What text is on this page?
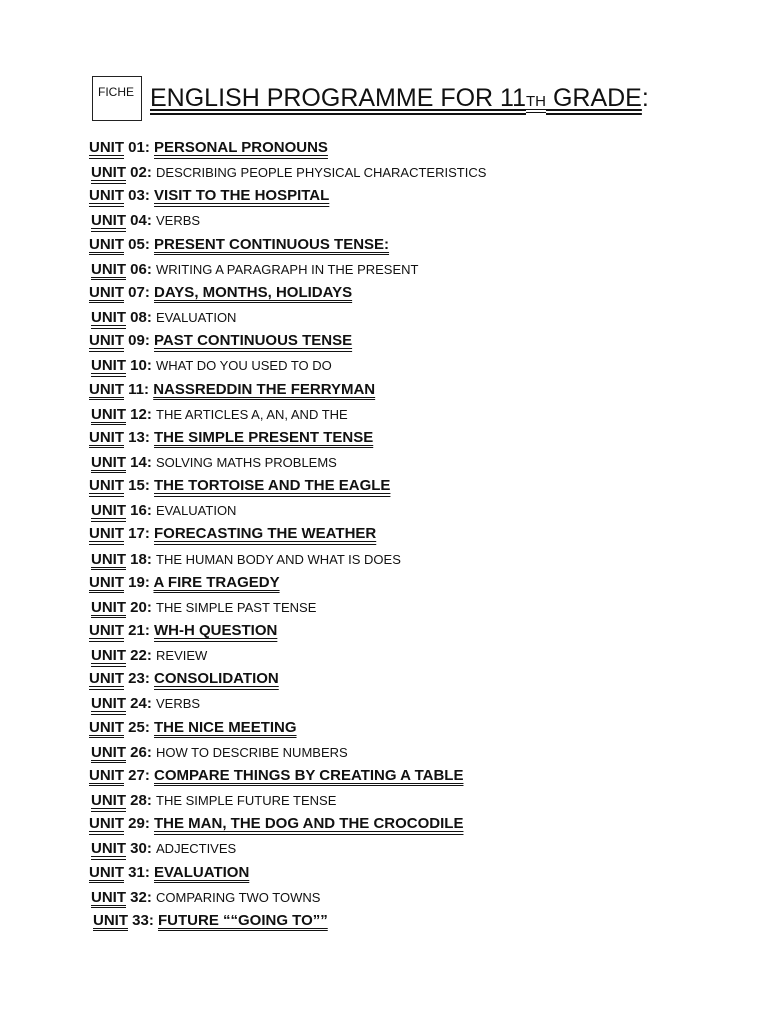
FICHE ENGLISH PROGRAMME FOR 11TH GRADE:
UNIT 01: PERSONAL PRONOUNS
UNIT 02: DESCRIBING PEOPLE PHYSICAL CHARACTERISTICS
UNIT 03: VISIT TO THE HOSPITAL
UNIT 04: VERBS
UNIT 05: PRESENT CONTINUOUS TENSE:
UNIT 06: WRITING A PARAGRAPH IN THE PRESENT
UNIT 07: DAYS, MONTHS, HOLIDAYS
UNIT 08: EVALUATION
UNIT 09: PAST CONTINUOUS TENSE
UNIT 10: WHAT DO YOU USED TO DO
UNIT 11: NASSREDDIN THE FERRYMAN
UNIT 12: THE ARTICLES A, AN, AND THE
UNIT 13: THE SIMPLE PRESENT TENSE
UNIT 14: SOLVING MATHS PROBLEMS
UNIT 15: THE TORTOISE AND THE EAGLE
UNIT 16: EVALUATION
UNIT 17: FORECASTING THE WEATHER
UNIT 18: THE HUMAN BODY AND WHAT IS DOES
UNIT 19: A FIRE TRAGEDY
UNIT 20: THE SIMPLE PAST TENSE
UNIT 21: WH-H QUESTION
UNIT 22: REVIEW
UNIT 23: CONSOLIDATION
UNIT 24: VERBS
UNIT 25: THE NICE MEETING
UNIT 26: HOW TO DESCRIBE NUMBERS
UNIT 27: COMPARE THINGS BY CREATING A TABLE
UNIT 28: THE SIMPLE FUTURE TENSE
UNIT 29: THE MAN, THE DOG AND THE CROCODILE
UNIT 30: ADJECTIVES
UNIT 31: EVALUATION
UNIT 32: COMPARING TWO TOWNS
UNIT 33: FUTURE ““GOING TO””
